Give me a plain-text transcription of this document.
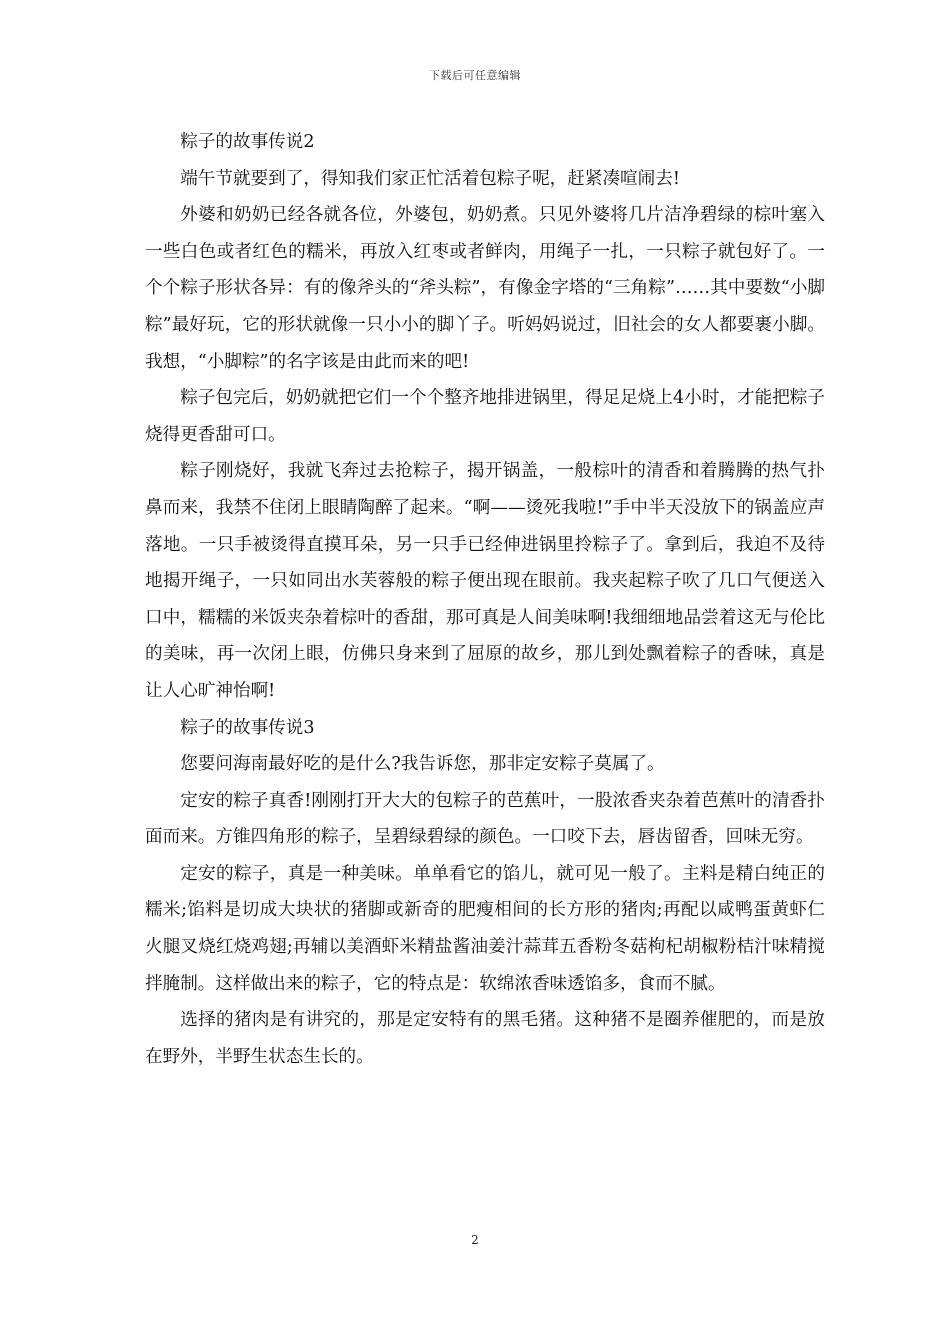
下载后可任意编辑

粽子的故事传说2

端午节就要到了，得知我们家正忙活着包粽子呢，赶紧凑喧闹去!

外婆和奶奶已经各就各位，外婆包，奶奶煮。只见外婆将几片洁净碧绿的棕叶塞入一些白色或者红色的糯米，再放入红枣或者鲜肉，用绳子一扎，一只粽子就包好了。一个个粽子形状各异：有的像斧头的“斧头粽”，有像金字塔的“三角粽”……其中要数“小脚粽”最好玩，它的形状就像一只小小的脚丫子。听妈妈说过，旧社会的女人都要裹小脚。我想，“小脚粽”的名字该是由此而来的吧!

粽子包完后，奶奶就把它们一个个整齐地排进锅里，得足足烧上4小时，才能把粽子烧得更香甜可口。

粽子刚烧好，我就飞奔过去抢粽子，揭开锅盖，一般棕叶的清香和着腾腾的热气扑鼻而来，我禁不住闭上眼睛陶醉了起来。“啊——烫死我啦!”手中半天没放下的锅盖应声落地。一只手被烫得直摸耳朵，另一只手已经伸进锅里拎粽子了。拿到后，我迫不及待地揭开绳子，一只如同出水芙蓉般的粽子便出现在眼前。我夹起粽子吹了几口气便送入口中，糯糯的米饭夹杂着棕叶的香甜，那可真是人间美味啊!我细细地品尝着这无与伦比的美味，再一次闭上眼，仿佛只身来到了屈原的故乡，那儿到处飘着粽子的香味，真是让人心旷神怡啊!

粽子的故事传说3

您要问海南最好吃的是什么?我告诉您，那非定安粽子莫属了。

定安的粽子真香!刚刚打开大大的包粽子的芭蕉叶，一股浓香夹杂着芭蕉叶的清香扑面而来。方锥四角形的粽子，呈碧绿碧绿的颜色。一口咬下去，唇齿留香，回味无穷。

定安的粽子，真是一种美味。单单看它的馅儿，就可见一般了。主料是精白纯正的糯米;馅料是切成大块状的猪脚或新奇的肥瘦相间的长方形的猪肉;再配以咸鸭蛋黄虾仁火腿叉烧红烧鸡翅;再辅以美酒虾米精盐酱油姜汁蒜茸五香粉冬菇枸杞胡椒粉桔汁味精搅拌腌制。这样做出来的粽子，它的特点是：软绵浓香味透馅多，食而不腻。

选择的猪肉是有讲究的，那是定安特有的黑毛猪。这种猪不是圈养催肥的，而是放在野外，半野生状态生长的。

2
